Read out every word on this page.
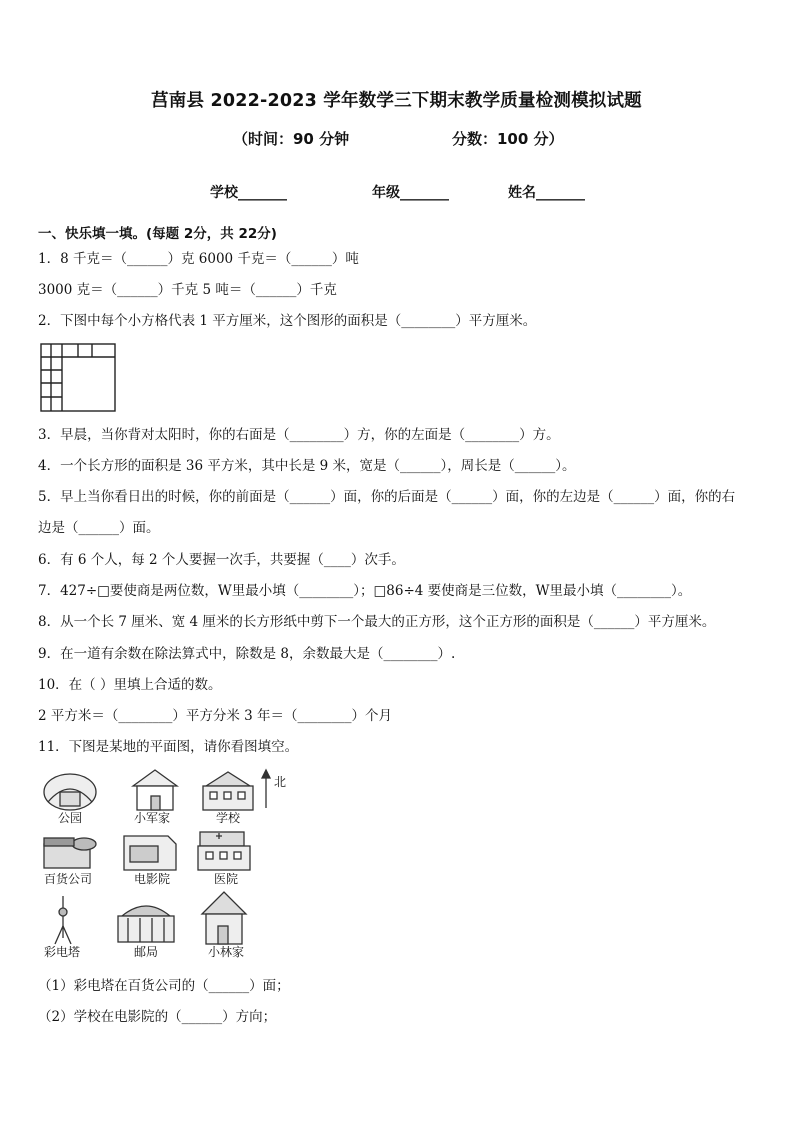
莒南县 2022-2023 学年数学三下期末教学质量检测模拟试题
（时间：90 分钟	分数：100 分）
学校_______	年级_______	姓名_______
一、快乐填一填。(每题 2分，共 22分)
1．8 千克＝（______）克 6000 千克＝（______）吨
3000 克＝（______）千克 5 吨＝（______）千克
2．下图中每个小方格代表 1 平方厘米，这个图形的面积是（________）平方厘米。
3．早晨，当你背对太阳时，你的右面是（________）方，你的左面是（________）方。
4．一个长方形的面积是 36 平方米，其中长是 9 米，宽是（______），周长是（______）。
5．早上当你看日出的时候，你的前面是（______）面，你的后面是（______）面，你的左边是（______）面，你的右
边是（______）面。
6．有 6 个人，每 2 个人要握一次手，共要握（____）次手。
7．427÷□要使商是两位数，W里最小填（________）；□86÷4 要使商是三位数，W里最小填（________）。
8．从一个长 7 厘米、宽 4 厘米的长方形纸中剪下一个最大的正方形，这个正方形的面积是（______）平方厘米。
9．在一道有余数在除法算式中，除数是 8，余数最大是（________）.
10．在（ ）里填上合适的数。
2 平方米＝（________）平方分米 3 年＝（________）个月
11．下图是某地的平面图，请你看图填空。
北
公园	小军家	学校
百货公司	电影院	医院
彩电塔	邮局	小林家
（1）彩电塔在百货公司的（______）面；
（2）学校在电影院的（______）方向；
